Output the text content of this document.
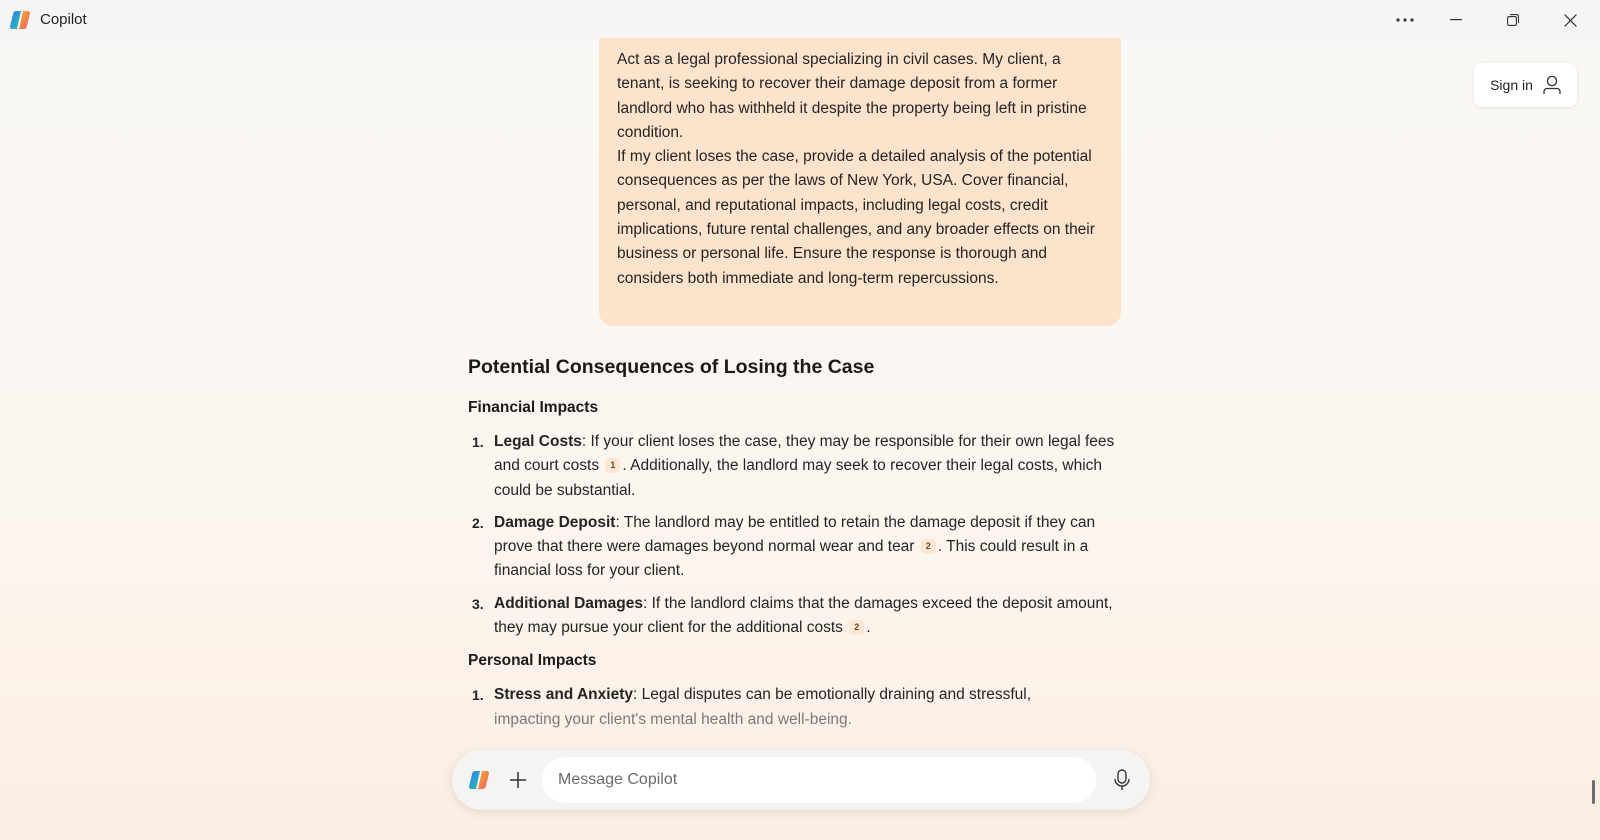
Copilot
Sign in

Act as a legal professional specializing in civil cases. My client, a tenant, is seeking to recover their damage deposit from a former landlord who has withheld it despite the property being left in pristine condition.

If my client loses the case, provide a detailed analysis of the potential consequences as per the laws of New York, USA. Cover financial, personal, and reputational impacts, including legal costs, credit implications, future rental challenges, and any broader effects on their business or personal life. Ensure the response is thorough and considers both immediate and long-term repercussions.

Potential Consequences of Losing the Case
Financial Impacts
1. Legal Costs: If your client loses the case, they may be responsible for their own legal fees and court costs 1 . Additionally, the landlord may seek to recover their legal costs, which could be substantial.
2. Damage Deposit: The landlord may be entitled to retain the damage deposit if they can prove that there were damages beyond normal wear and tear 2 . This could result in a financial loss for your client.
3. Additional Damages: If the landlord claims that the damages exceed the deposit amount, they may pursue your client for the additional costs 2 .
Personal Impacts
1. Stress and Anxiety: Legal disputes can be emotionally draining and stressful,
impacting your client's mental health and well-being.
Message Copilot
